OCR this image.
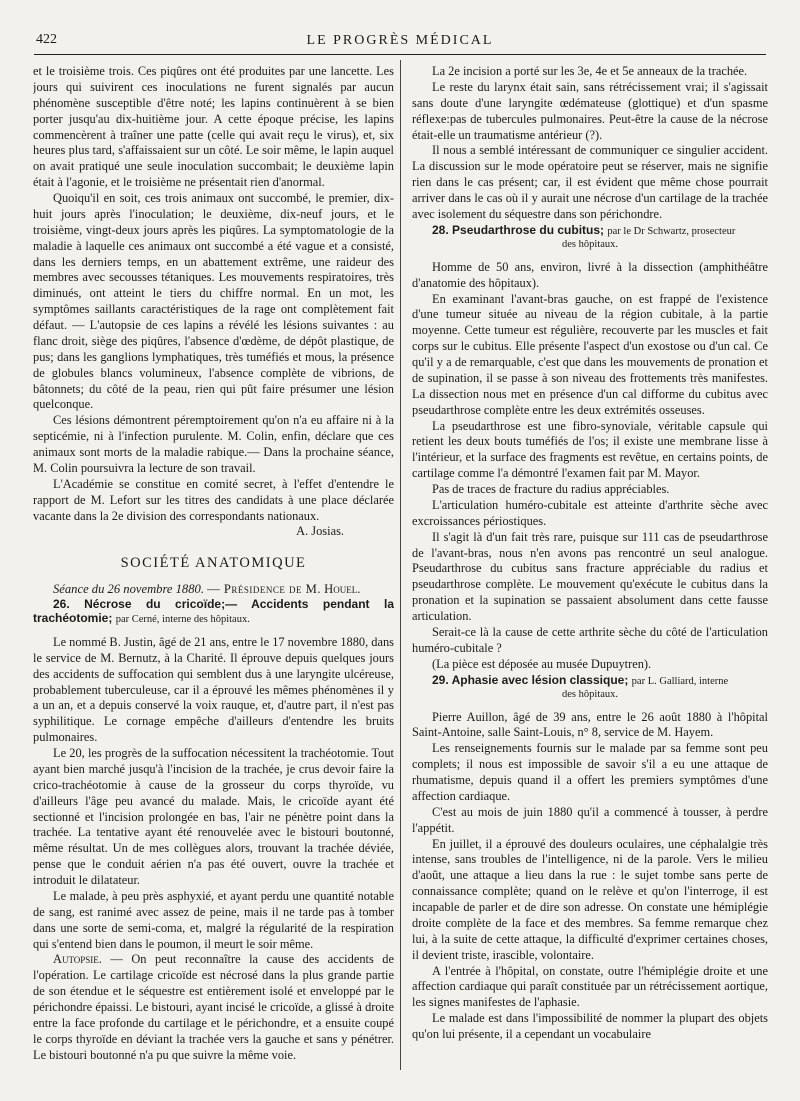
422	LE PROGRÈS MÉDICAL

et le troisième trois. Ces piqûres ont été produites par une lancette. Les jours qui suivirent ces inoculations ne furent signalés par aucun phénomène susceptible d'être noté; les lapins continuèrent à se bien porter jusqu'au dix-huitième jour. A cette époque précise, les lapins commencèrent à traîner une patte (celle qui avait reçu le virus), et, six heures plus tard, s'affaissaient sur un côté. Le soir même, le lapin auquel on avait pratiqué une seule inoculation succombait; le deuxième lapin était à l'agonie, et le troisième ne présentait rien d'anormal.

Quoiqu'il en soit, ces trois animaux ont succombé, le premier, dix-huit jours après l'inoculation; le deuxième, dix-neuf jours, et le troisième, vingt-deux jours après les piqûres. La symptomatologie de la maladie à laquelle ces animaux ont succombé a été vague et a consisté, dans les derniers temps, en un abattement extrême, une raideur des membres avec secousses tétaniques. Les mouvements respiratoires, très diminués, ont atteint le tiers du chiffre normal. En un mot, les symptômes saillants caractéristiques de la rage ont complètement fait défaut. — L'autopsie de ces lapins a révélé les lésions suivantes : au flanc droit, siège des piqûres, l'absence d'œdème, de dépôt plastique, de pus; dans les ganglions lymphatiques, très tuméfiés et mous, la présence de globules blancs volumineux, l'absence complète de vibrions, de bâtonnets; du côté de la peau, rien qui pût faire présumer une lésion quelconque.

Ces lésions démontrent péremptoirement qu'on n'a eu affaire ni à la septicémie, ni à l'infection purulente. M. Colin, enfin, déclare que ces animaux sont morts de la maladie rabique.— Dans la prochaine séance, M. Colin poursuivra la lecture de son travail.

L'Académie se constitue en comité secret, à l'effet d'entendre le rapport de M. Lefort sur les titres des candidats à une place déclarée vacante dans la 2e division des correspondants nationaux.

A. Josias.
SOCIÉTÉ ANATOMIQUE

Séance du 26 novembre 1880. — Présidence de M. Houel.

26. Nécrose du cricoïde;— Accidents pendant la trachéotomie; par Cerné, interne des hôpitaux.

Le nommé B. Justin, âgé de 21 ans, entre le 17 novembre 1880, dans le service de M. Bernutz, à la Charité. Il éprouve depuis quelques jours des accidents de suffocation qui semblent dus à une laryngite ulcéreuse, probablement tuberculeuse, car il a éprouvé les mêmes phénomènes il y a un an, et a depuis conservé la voix rauque, et, d'autre part, il n'est pas syphilitique. Le cornage empêche d'ailleurs d'entendre les bruits pulmonaires.

Le 20, les progrès de la suffocation nécessitent la trachéotomie. Tout ayant bien marché jusqu'à l'incision de la trachée, je crus devoir faire la crico-trachéotomie à cause de la grosseur du corps thyroïde, vu d'ailleurs l'âge peu avancé du malade. Mais, le cricoïde ayant été sectionné et l'incision prolongée en bas, l'air ne pénètre point dans la trachée. La tentative ayant été renouvelée avec le bistouri boutonné, même résultat. Un de mes collègues alors, trouvant la trachée déviée, pense que le conduit aérien n'a pas été ouvert, ouvre la trachée et introduit le dilatateur.

Le malade, à peu près asphyxié, et ayant perdu une quantité notable de sang, est ranimé avec assez de peine, mais il ne tarde pas à tomber dans une sorte de semi-coma, et, malgré la régularité de la respiration qui s'entend bien dans le poumon, il meurt le soir même.

Autopsie. — On peut reconnaître la cause des accidents de l'opération. Le cartilage cricoïde est nécrosé dans la plus grande partie de son étendue et le séquestre est entièrement isolé et enveloppé par le périchondre épaissi. Le bistouri, ayant incisé le cricoïde, a glissé à droite entre la face profonde du cartilage et le périchondre, et a ensuite coupé le corps thyroïde en déviant la trachée vers la gauche et sans y pénétrer. Le bistouri boutonné n'a pu que suivre la même voie.

La 2e incision a porté sur les 3e, 4e et 5e anneaux de la trachée.

Le reste du larynx était sain, sans rétrécissement vrai; il s'agissait sans doute d'une laryngite œdémateuse (glottique) et d'un spasme réflexe:pas de tubercules pulmonaires. Peut-être la cause de la nécrose était-elle un traumatisme antérieur (?).

Il nous a semblé intéressant de communiquer ce singulier accident. La discussion sur le mode opératoire peut se réserver, mais ne signifie rien dans le cas présent; car, il est évident que même chose pourrait arriver dans le cas où il y aurait une nécrose d'un cartilage de la trachée avec isolement du séquestre dans son périchondre.

28. Pseudarthrose du cubitus; par le Dr Schwartz, prosecteur

des hôpitaux.

Homme de 50 ans, environ, livré à la dissection (amphithéâtre d'anatomie des hôpitaux).

En examinant l'avant-bras gauche, on est frappé de l'existence d'une tumeur située au niveau de la région cubitale, à la partie moyenne. Cette tumeur est régulière, recouverte par les muscles et fait corps sur le cubitus. Elle présente l'aspect d'un exostose ou d'un cal. Ce qu'il y a de remarquable, c'est que dans les mouvements de pronation et de supination, il se passe à son niveau des frottements très manifestes. La dissection nous met en présence d'un cal difforme du cubitus avec pseudarthrose complète entre les deux extrémités osseuses.

La pseudarthrose est une fibro-synoviale, véritable capsule qui retient les deux bouts tuméfiés de l'os; il existe une membrane lisse à l'intérieur, et la surface des fragments est revêtue, en certains points, de cartilage comme l'a démontré l'examen fait par M. Mayor.

Pas de traces de fracture du radius appréciables.

L'articulation huméro-cubitale est atteinte d'arthrite sèche avec excroissances périostiques.

Il s'agit là d'un fait très rare, puisque sur 111 cas de pseudarthrose de l'avant-bras, nous n'en avons pas rencontré un seul analogue. Pseudarthrose du cubitus sans fracture appréciable du radius et pseudarthrose complète. Le mouvement qu'exécute le cubitus dans la pronation et la supination se passaient absolument dans cette fausse articulation.

Serait-ce là la cause de cette arthrite sèche du côté de l'articulation huméro-cubitale ?

(La pièce est déposée au musée Dupuytren).

29. Aphasie avec lésion classique; par L. Galliard, interne

des hôpitaux.

Pierre Auillon, âgé de 39 ans, entre le 26 août 1880 à l'hôpital Saint-Antoine, salle Saint-Louis, n° 8, service de M. Hayem.

Les renseignements fournis sur le malade par sa femme sont peu complets; il nous est impossible de savoir s'il a eu une attaque de rhumatisme, depuis quand il a offert les premiers symptômes d'une affection cardiaque.

C'est au mois de juin 1880 qu'il a commencé à tousser, à perdre l'appétit.

En juillet, il a éprouvé des douleurs oculaires, une céphalalgie très intense, sans troubles de l'intelligence, ni de la parole. Vers le milieu d'août, une attaque a lieu dans la rue : le sujet tombe sans perte de connaissance complète; quand on le relève et qu'on l'interroge, il est incapable de parler et de dire son adresse. On constate une hémiplégie droite complète de la face et des membres. Sa femme remarque chez lui, à la suite de cette attaque, la difficulté d'exprimer certaines choses, il devient triste, irascible, volontaire.

A l'entrée à l'hôpital, on constate, outre l'hémiplégie droite et une affection cardiaque qui paraît constituée par un rétrécissement aortique, les signes manifestes de l'aphasie.

Le malade est dans l'impossibilité de nommer la plupart des objets qu'on lui présente, il a cependant un vocabulaire
